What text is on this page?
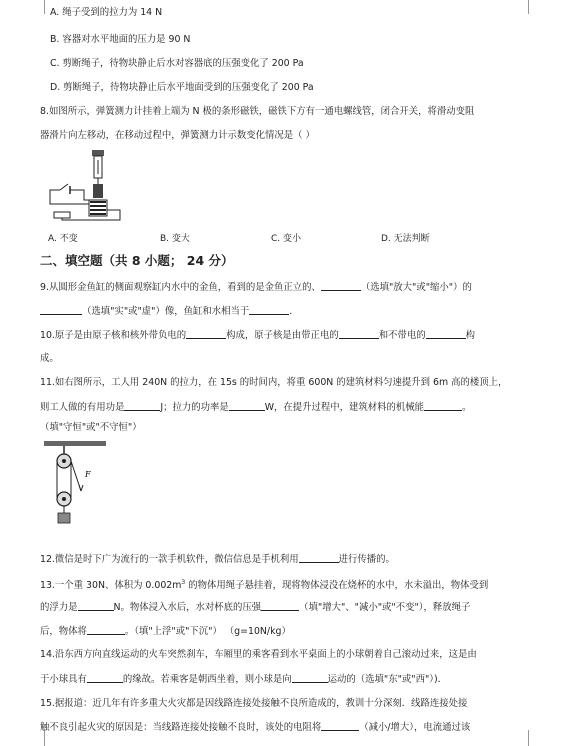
A. 绳子受到的拉力为 14 N
B. 容器对水平地面的压力是 90 N
C. 剪断绳子，待物块静止后水对容器底的压强变化了 200 Pa
D. 剪断绳子，待物块静止后水平地面受到的压强变化了 200 Pa
8.如图所示，弹簧测力计挂着上端为 N 极的条形磁铁，磁铁下方有一通电螺线管，闭合开关，将滑动变阻
器滑片向左移动，在移动过程中，弹簧测力计示数变化情况是（ ）
A. 不变	B. 变大	C. 变小	D. 无法判断
二、填空题（共 8 小题； 24 分）
9.从圆形金鱼缸的侧面观察缸内水中的金鱼，看到的是金鱼正立的、	（选填"放大"或"缩小"）的
（选填"实"或"虚"）像，鱼缸和水相当于	.
10.原子是由原子核和核外带负电的	构成，原子核是由带正电的	和不带电的	构
成。
11.如右图所示，工人用 240N 的拉力，在 15s 的时间内，将重 600N 的建筑材料匀速提升到 6m 高的楼顶上，
则工人做的有用功是	J；拉力的功率是	W，在提升过程中，建筑材料的机械能	。
（填"守恒"或"不守恒"）
F
12.微信是时下广为流行的一款手机软件，微信信息是手机利用	进行传播的。
13.一个重 30N、体积为 $0.002m^3$ 的物体用绳子悬挂着，现将物体浸没在烧杯的水中，水未溢出，物体受到
的浮力是	N。物体浸入水后，水对杯底的压强	（填"增大"、"减小"或"不变"），释放绳子
后，物体将	。（填"上浮"或"下沉"） （g=10N/kg）
14.沿东西方向直线运动的火车突然刹车，车厢里的乘客看到水平桌面上的小球朝着自己滚动过来，这是由
于小球具有	的缘故。若乘客是朝西坐着，则小球是向	运动的（选填"东"或"西"）)．
15.据报道：近几年有许多重大火灾都是因线路连接处接触不良所造成的，教训十分深刻．线路连接处接
触不良引起火灾的原因是：当线路连接处接触不良时，该处的电阻将	（减小/增大），电流通过该
